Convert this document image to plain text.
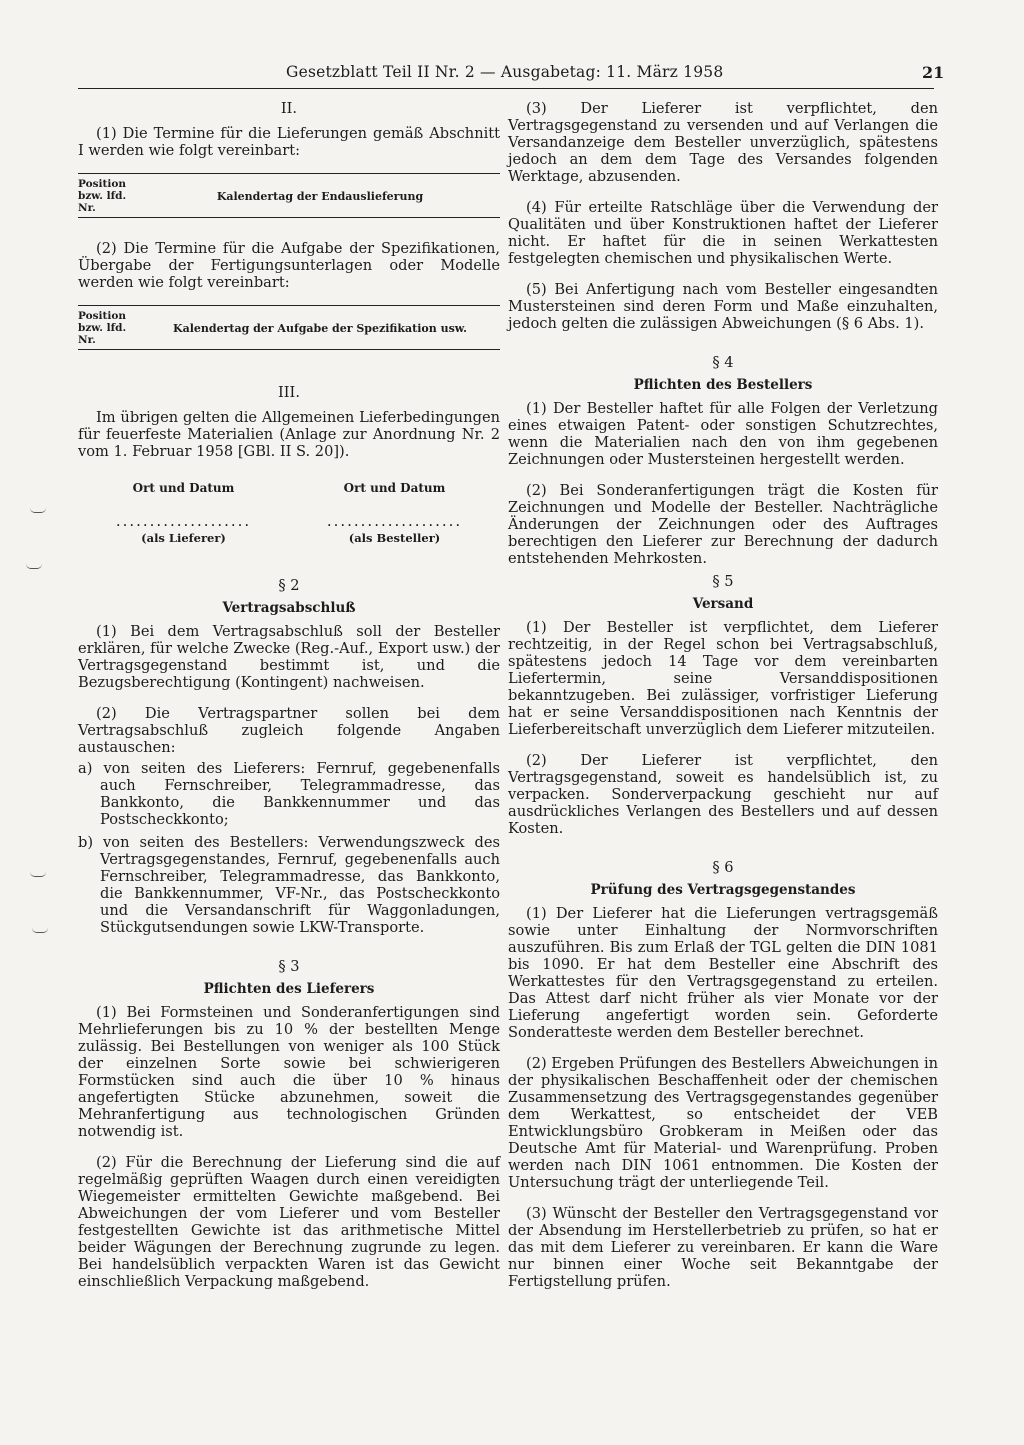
Gesetzblatt Teil II Nr. 2 — Ausgabetag: 11. März 1958	21
II.

(1) Die Termine für die Lieferungen gemäß Abschnitt I werden wie folgt vereinbart:

Position bzw. lfd. Nr.
Kalendertag der Endauslieferung

(2) Die Termine für die Aufgabe der Spezifikationen, Übergabe der Fertigungsunterlagen oder Modelle werden wie folgt vereinbart:

Position bzw. lfd. Nr.
Kalendertag der Aufgabe der Spezifikation usw.
III.

Im übrigen gelten die Allgemeinen Lieferbedingungen für feuerfeste Materialien (Anlage zur Anordnung Nr. 2 vom 1. Februar 1958 [GBl. II S. 20]).

Ort und Datum	Ort und Datum
....................	....................
(als Lieferer)	(als Besteller)
§ 2
Vertragsabschluß

(1) Bei dem Vertragsabschluß soll der Besteller erklären, für welche Zwecke (Reg.-Auf., Export usw.) der Vertragsgegenstand bestimmt ist, und die Bezugsberechtigung (Kontingent) nachweisen.

(2) Die Vertragspartner sollen bei dem Vertragsabschluß zugleich folgende Angaben austauschen:

a) von seiten des Lieferers: Fernruf, gegebenenfalls auch Fernschreiber, Telegrammadresse, das Bankkonto, die Bankkennummer und das Postscheckkonto;

b) von seiten des Bestellers: Verwendungszweck des Vertragsgegenstandes, Fernruf, gegebenenfalls auch Fernschreiber, Telegrammadresse, das Bankkonto, die Bankkennummer, VF-Nr., das Postscheckkonto und die Versandanschrift für Waggonladungen, Stückgutsendungen sowie LKW-Transporte.

§ 3
Pflichten des Lieferers

(1) Bei Formsteinen und Sonderanfertigungen sind Mehrlieferungen bis zu 10 % der bestellten Menge zulässig. Bei Bestellungen von weniger als 100 Stück der einzelnen Sorte sowie bei schwierigeren Formstücken sind auch die über 10 % hinaus angefertigten Stücke abzunehmen, soweit die Mehranfertigung aus technologischen Gründen notwendig ist.

(2) Für die Berechnung der Lieferung sind die auf regelmäßig geprüften Waagen durch einen vereidigten Wiegemeister ermittelten Gewichte maßgebend. Bei Abweichungen der vom Lieferer und vom Besteller festgestellten Gewichte ist das arithmetische Mittel beider Wägungen der Berechnung zugrunde zu legen. Bei handelsüblich verpackten Waren ist das Gewicht einschließlich Verpackung maßgebend.

(3) Der Lieferer ist verpflichtet, den Vertragsgegenstand zu versenden und auf Verlangen die Versandanzeige dem Besteller unverzüglich, spätestens jedoch an dem dem Tage des Versandes folgenden Werktage, abzusenden.

(4) Für erteilte Ratschläge über die Verwendung der Qualitäten und über Konstruktionen haftet der Lieferer nicht. Er haftet für die in seinen Werkattesten festgelegten chemischen und physikalischen Werte.

(5) Bei Anfertigung nach vom Besteller eingesandten Mustersteinen sind deren Form und Maße einzuhalten, jedoch gelten die zulässigen Abweichungen (§ 6 Abs. 1).

§ 4
Pflichten des Bestellers

(1) Der Besteller haftet für alle Folgen der Verletzung eines etwaigen Patent- oder sonstigen Schutzrechtes, wenn die Materialien nach den von ihm gegebenen Zeichnungen oder Mustersteinen hergestellt werden.

(2) Bei Sonderanfertigungen trägt die Kosten für Zeichnungen und Modelle der Besteller. Nachträgliche Änderungen der Zeichnungen oder des Auftrages berechtigen den Lieferer zur Berechnung der dadurch entstehenden Mehrkosten.

§ 5
Versand

(1) Der Besteller ist verpflichtet, dem Lieferer rechtzeitig, in der Regel schon bei Vertragsabschluß, spätestens jedoch 14 Tage vor dem vereinbarten Liefertermin, seine Versanddispositionen bekanntzugeben. Bei zulässiger, vorfristiger Lieferung hat er seine Versanddispositionen nach Kenntnis der Lieferbereitschaft unverzüglich dem Lieferer mitzuteilen.

(2) Der Lieferer ist verpflichtet, den Vertragsgegenstand, soweit es handelsüblich ist, zu verpacken. Sonderverpackung geschieht nur auf ausdrückliches Verlangen des Bestellers und auf dessen Kosten.

§ 6
Prüfung des Vertragsgegenstandes

(1) Der Lieferer hat die Lieferungen vertragsgemäß sowie unter Einhaltung der Normvorschriften auszuführen. Bis zum Erlaß der TGL gelten die DIN 1081 bis 1090. Er hat dem Besteller eine Abschrift des Werkattestes für den Vertragsgegenstand zu erteilen. Das Attest darf nicht früher als vier Monate vor der Lieferung angefertigt worden sein. Geforderte Sonderatteste werden dem Besteller berechnet.

(2) Ergeben Prüfungen des Bestellers Abweichungen in der physikalischen Beschaffenheit oder der chemischen Zusammensetzung des Vertragsgegenstandes gegenüber dem Werkattest, so entscheidet der VEB Entwicklungsbüro Grobkeram in Meißen oder das Deutsche Amt für Material- und Warenprüfung. Proben werden nach DIN 1061 entnommen. Die Kosten der Untersuchung trägt der unterliegende Teil.

(3) Wünscht der Besteller den Vertragsgegenstand vor der Absendung im Herstellerbetrieb zu prüfen, so hat er das mit dem Lieferer zu vereinbaren. Er kann die Ware nur binnen einer Woche seit Bekanntgabe der Fertigstellung prüfen.
